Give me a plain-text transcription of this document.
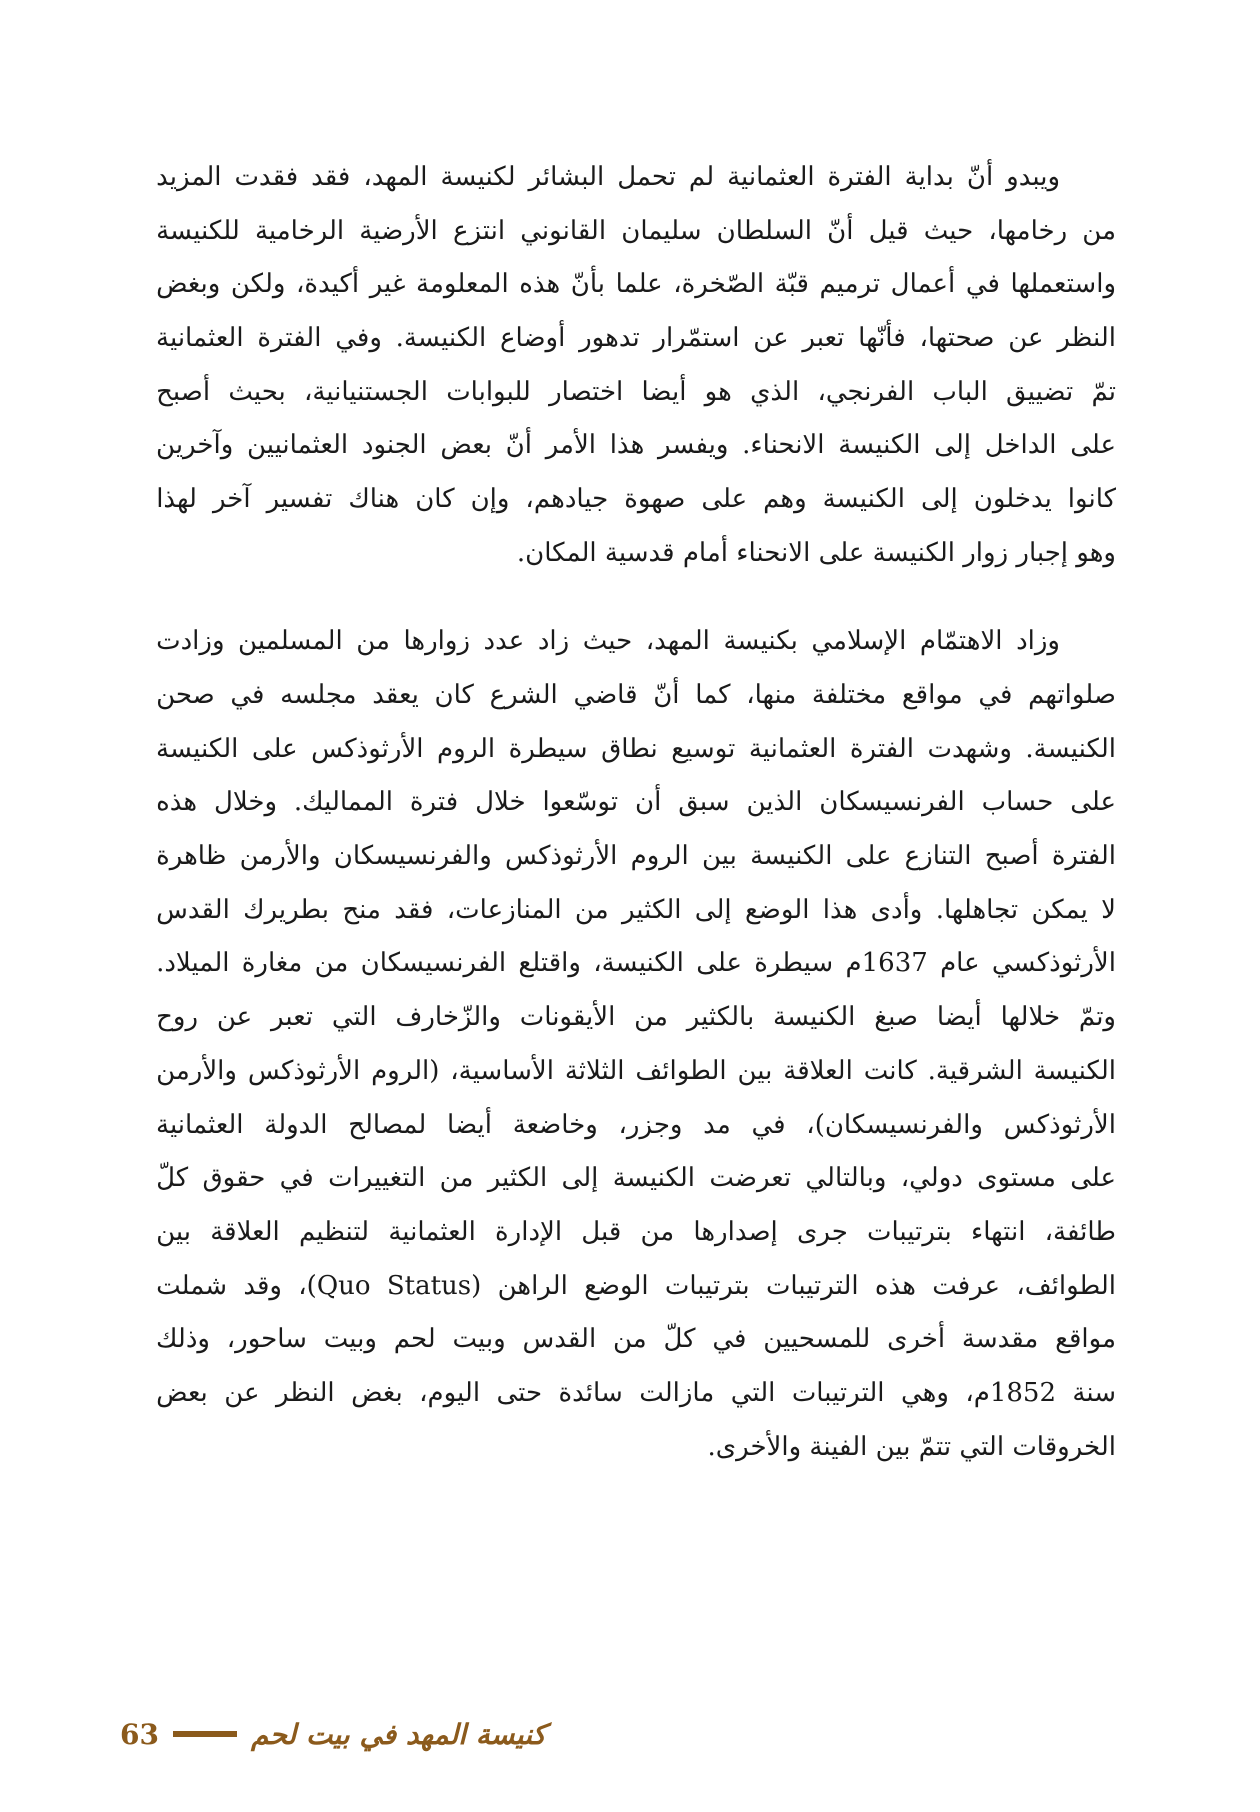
ويبدو
أنّ
بداية
الفترة
العثمانية
لم
تحمل
البشائر
لكنيسة
المهد،
فقد
فقدت
المزيد
من
رخامها،
حيث
قيل
أنّ
السلطان
سليمان
القانوني
انتزع
الأرضية
الرخامية
للكنيسة
واستعملها
في
أعمال
ترميم
قبّة
الصّخرة،
علما
بأنّ
هذه
المعلومة
غير
أكيدة،
ولكن
وبغض
النظر
عن
صحتها،
فأنّها
تعبر
عن
استمّرار
تدهور
أوضاع
الكنيسة.
وفي
الفترة
العثمانية
تمّ
تضييق
الباب
الفرنجي،
الذي
هو
أيضا
اختصار
للبوابات
الجستنيانية،
بحيث
أصبح
على
الداخل
إلى
الكنيسة
الانحناء.
ويفسر
هذا
الأمر
أنّ
بعض
الجنود
العثمانيين
وآخرين
كانوا
يدخلون
إلى
الكنيسة
وهم
على
صهوة
جيادهم،
وإن
كان
هناك
تفسير
آخر
لهذا
وهو إجبار زوار الكنيسة على الانحناء أمام قدسية المكان.
وزاد
الاهتمّام
الإسلامي
بكنيسة
المهد،
حيث
زاد
عدد
زوارها
من
المسلمين
وزادت
صلواتهم
في
مواقع
مختلفة
منها،
كما
أنّ
قاضي
الشرع
كان
يعقد
مجلسه
في
صحن
الكنيسة.
وشهدت
الفترة
العثمانية
توسيع
نطاق
سيطرة
الروم
الأرثوذكس
على
الكنيسة
على
حساب
الفرنسيسكان
الذين
سبق
أن
توسّعوا
خلال
فترة
المماليك.
وخلال
هذه
الفترة
أصبح
التنازع
على
الكنيسة
بين
الروم
الأرثوذكس
والفرنسيسكان
والأرمن
ظاهرة
لا
يمكن
تجاهلها.
وأدى
هذا
الوضع
إلى
الكثير
من
المنازعات،
فقد
منح
بطريرك
القدس
الأرثوذكسي
عام
1637م
سيطرة
على
الكنيسة،
واقتلع
الفرنسيسكان
من
مغارة
الميلاد.
وتمّ
خلالها
أيضا
صبغ
الكنيسة
بالكثير
من
الأيقونات
والزّخارف
التي
تعبر
عن
روح
الكنيسة
الشرقية.
كانت
العلاقة
بين
الطوائف
الثلاثة
الأساسية،
(الروم
الأرثوذكس
والأرمن
الأرثوذكس
والفرنسيسكان)،
في
مد
وجزر،
وخاضعة
أيضا
لمصالح
الدولة
العثمانية
على
مستوى
دولي،
وبالتالي
تعرضت
الكنيسة
إلى
الكثير
من
التغييرات
في
حقوق
كلّ
طائفة،
انتهاء
بترتيبات
جرى
إصدارها
من
قبل
الإدارة
العثمانية
لتنظيم
العلاقة
بين
الطوائف،
عرفت
هذه
الترتيبات
بترتيبات
الوضع
الراهن
(Status
Quo)،
وقد
شملت
مواقع
مقدسة
أخرى
للمسحيين
في
كلّ
من
القدس
وبيت
لحم
وبيت
ساحور،
وذلك
سنة
1852م،
وهي
الترتيبات
التي
مازالت
سائدة
حتى
اليوم،
بغض
النظر
عن
بعض
الخروقات التي تتمّ بين الفينة والأخرى.
63	كنيسة المهد في بيت لحم
